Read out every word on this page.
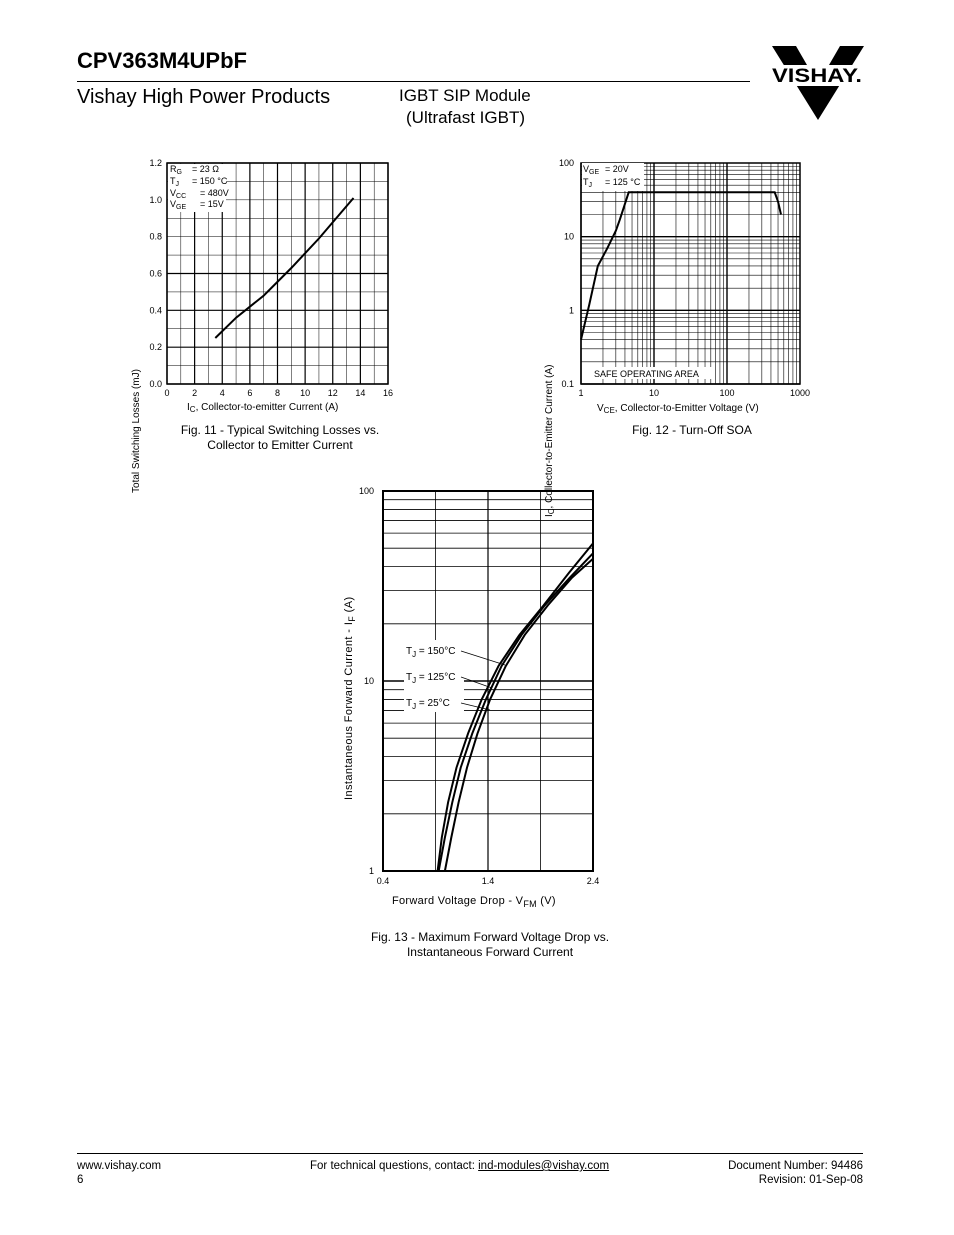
CPV363M4UPbF
Vishay High Power Products	IGBT SIP Module
(Ultrafast IGBT)
VISHAY.
0	2	4	6	8 10 12 14 16
0.0
0.2
0.4
0.6
0.8
1.0
1.2
$R_G = 23$ Ω
$T_J = 150$ °C
$V_{CC} = 480V$
$V_{GE} = 15V$
Total Switching Losses (mJ)	$I_C$, Collector-to-emitter Current (A)
Fig. 11 - Typical Switching Losses vs.
Collector to Emitter Current
1	10	100	1000
0.1
1
10
100
$V_{GE} = 20V$
$T_J = 125$ °C
SAFE OPERATING AREA
$I_C$, Collector-to-Emitter Current (A)	$V_{CE}$, Collector-to-Emitter Voltage (V)
Fig. 12 - Turn-Off SOA
0.4	1.4	2.4
1
10
100
$T_J = 150^\circ C$
$T_J = 125^\circ C$
$T_J = 25^\circ C$
Instantaneous Forward Current - $I_F$ (A)
Forward Voltage Drop - $V_{FM}$ (V)
Fig. 13 - Maximum Forward Voltage Drop vs.
Instantaneous Forward Current
www.vishay.com
6
For technical questions, contact: ind-modules@vishay.com	Document Number: 94486
Revision: 01-Sep-08
